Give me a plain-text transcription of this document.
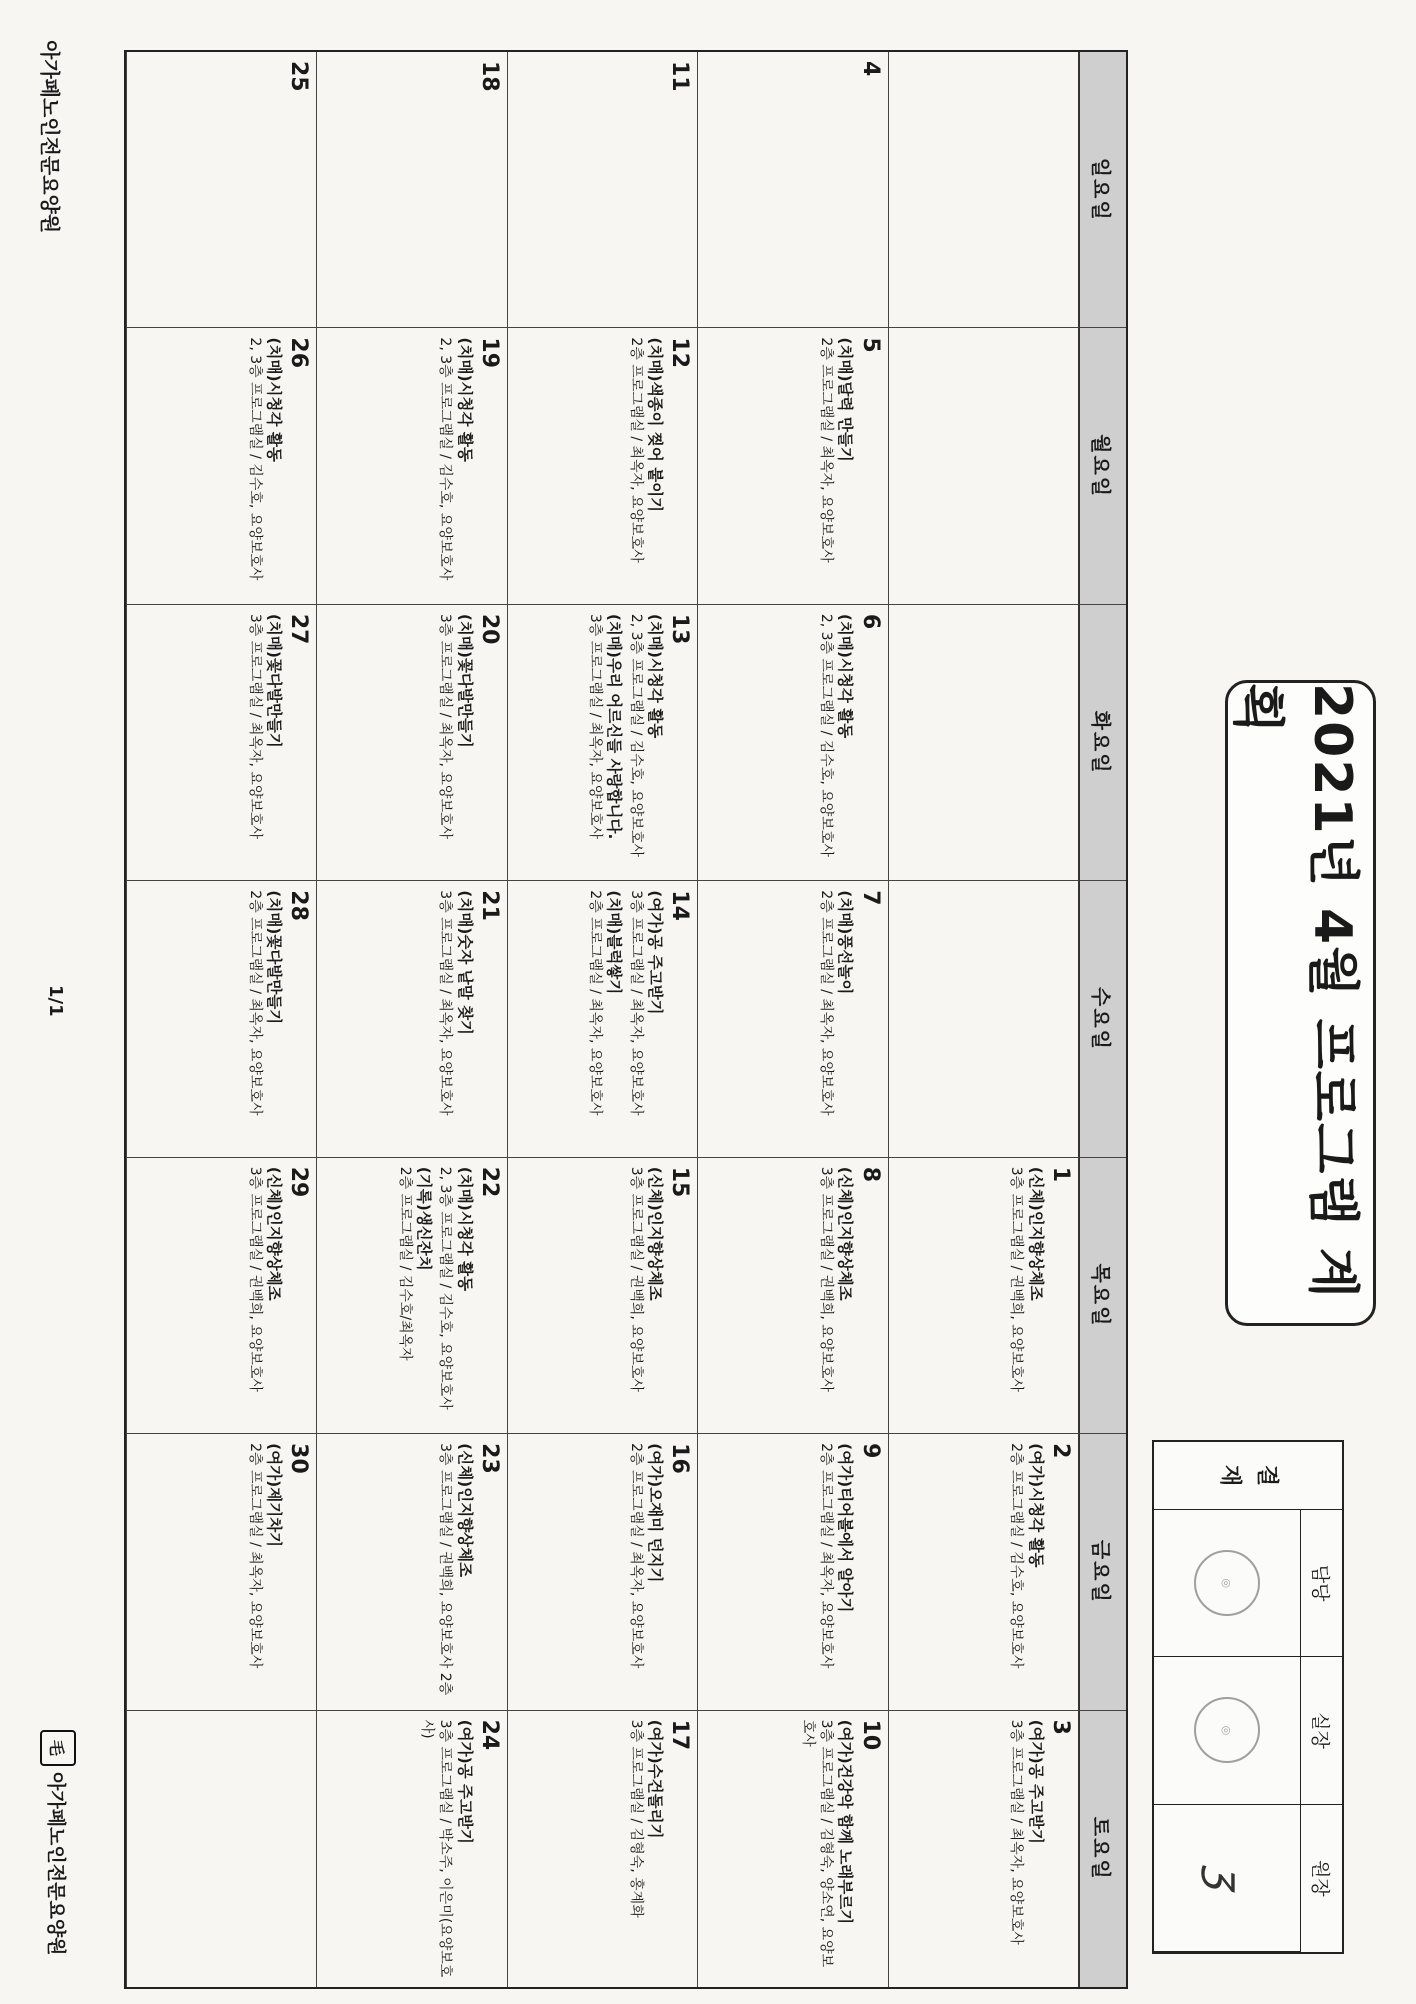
2021년 4월 프로그램 계획
결
재
담당
실장
원장
◎
◎
ⳅ
일요일
월요일
화요일
수요일
목요일
금요일
토요일
1
(신체)인지향상체조
3층 프로그램실 / 권백희, 요양보호사
2
(여가)시청각 활동
2층 프로그램실 / 김수호, 요양보호사
3
(여가)공 주고받기
3층 프로그램실 / 최옥자, 요양보호사
4
5
(치매)달력 만들기
2층 프로그램실 / 최옥자, 요양보호사
6
(치매)시청각 활동
2, 3층 프로그램실 / 김수호, 요양보호사
7
(치매)풍선놀이
2층 프로그램실 / 최옥자, 요양보호사
8
(신체)인지향상체조
3층 프로그램실 / 권백희, 요양보호사
9
(여가)티어볼에서 알아기
2층 프로그램실 / 최옥자, 요양보호사
10
(여가)건강악 함께 노래부르기
3층 프로그램실 / 김형숙, 양소연, 요양보호사
11
12
(치매)색종이 찢어 붙이기
2층 프로그램실 / 최옥자, 요양보호사
13
(치매)시청각 활동
2, 3층 프로그램실 / 김수호, 요양보호사
(치매)우리 어르신들 사랑합니다.
3층 프로그램실 / 최옥자, 요양보호사
14
(여가)공 주고받기
3층 프로그램실 / 최옥자, 요양보호사
(치매)블럭쌓기
2층 프로그램실 / 최옥자, 요양보호사
15
(신체)인지향상체조
3층 프로그램실 / 권백희, 요양보호사
16
(여가)오재미 던지기
2층 프로그램실 / 최옥자, 요양보호사
17
(여가)수건돌리기
3층 프로그램실 / 김형숙, 홍계화
18
19
(치매)시청각 활동
2, 3층 프로그램실 / 김수호, 요양보호사
20
(치매)꽃다발만들기
3층 프로그램실 / 최옥자, 요양보호사
21
(치매)숫자 낱말 찾기
3층 프로그램실 / 최옥자, 요양보호사
22
(치매)시청각 활동
2, 3층 프로그램실 / 김수호, 요양보호사
(기록)생신잔치
2층 프로그램실 / 김수호/최옥자
23
(신체)인지향상체조
3층 프로그램실 / 권백희, 요양보호사 2층
24
(여가)공 주고받기
3층 프로그램실 / 박소주, 이은미(요양보호사)
25
26
(치매)시청각 활동
2, 3층 프로그램실 / 김수호, 요양보호사
27
(치매)꽃다발만들기
3층 프로그램실 / 최옥자, 요양보호사
28
(치매)꽃다발만들기
2층 프로그램실 / 최옥자, 요양보호사
29
(신체)인지향상체조
3층 프로그램실 / 권백희, 요양보호사
30
(여가)제기차기
2층 프로그램실 / 최옥자, 요양보호사
아가페노인전문요양원
1/1
毛
아가페노인전문요양원
